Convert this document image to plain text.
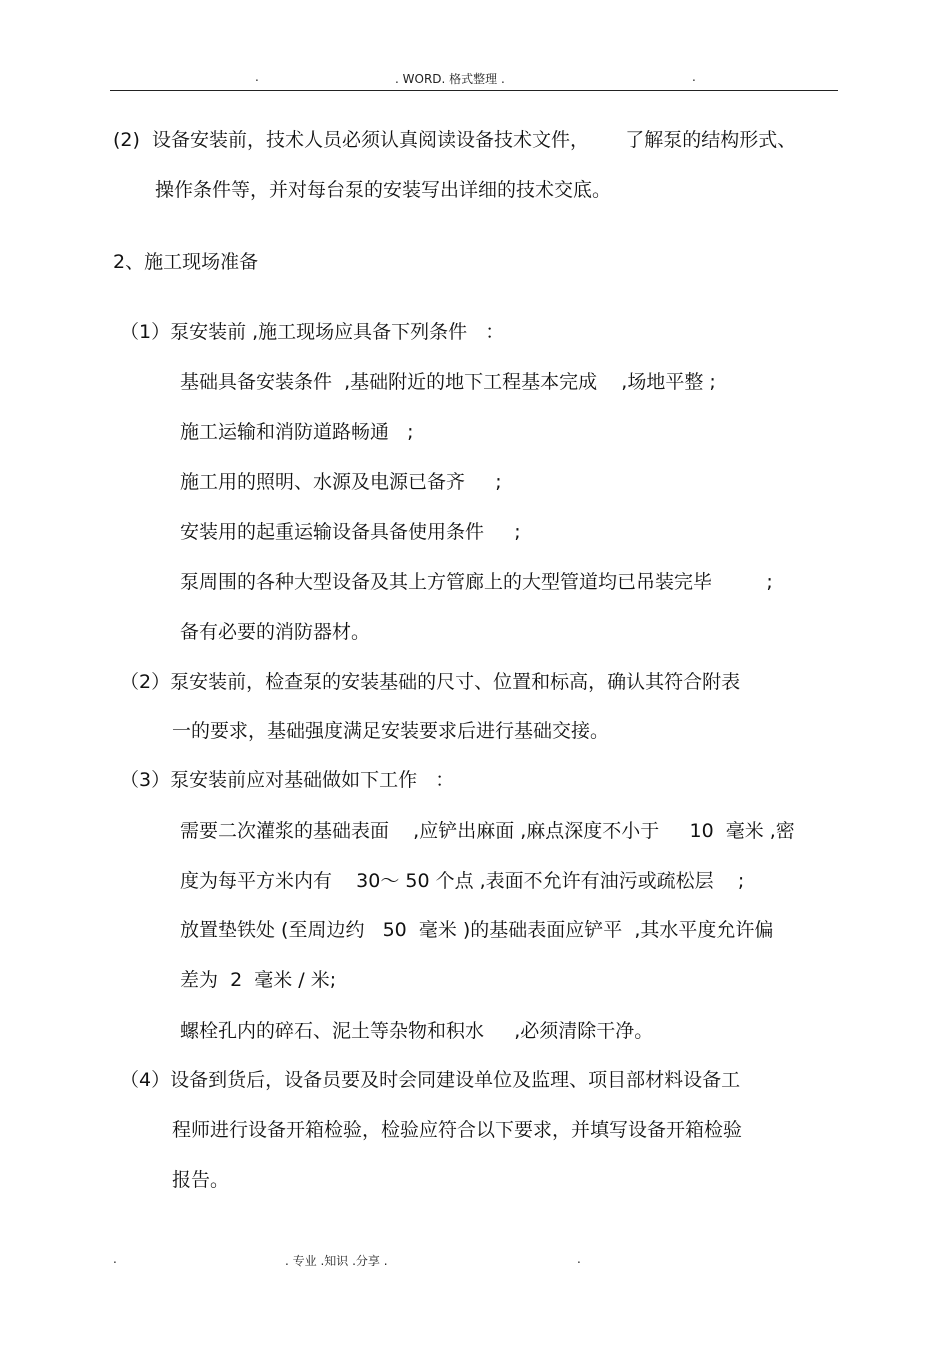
.	. WORD. 格式整理 .	.
(2)  设备安装前，技术人员必须认真阅读设备技术文件，      了解泵的结构形式、
操作条件等，并对每台泵的安装写出详细的技术交底。
2、施工现场准备
（1）泵安装前 ,施工现场应具备下列条件   ：
基础具备安装条件  ,基础附近的地下工程基本完成    ,场地平整 ;
施工运输和消防道路畅通   ;
施工用的照明、水源及电源已备齐     ;
安装用的起重运输设备具备使用条件     ;
泵周围的各种大型设备及其上方管廊上的大型管道均已吊装完毕         ;
备有必要的消防器材。
（2）泵安装前，检查泵的安装基础的尺寸、位置和标高，确认其符合附表
一的要求，基础强度满足安装要求后进行基础交接。
（3）泵安装前应对基础做如下工作   ：
需要二次灌浆的基础表面    ,应铲出麻面 ,麻点深度不小于     10  毫米 ,密
度为每平方米内有    30～ 50 个点 ,表面不允许有油污或疏松层    ;
放置垫铁处 (至周边约   50  毫米 )的基础表面应铲平  ,其水平度允许偏
差为  2  毫米 / 米;
螺栓孔内的碎石、泥土等杂物和积水     ,必须清除干净。
（4）设备到货后，设备员要及时会同建设单位及监理、项目部材料设备工
程师进行设备开箱检验，检验应符合以下要求，并填写设备开箱检验
报告。
.	. 专业 .知识 .分享 .	.
